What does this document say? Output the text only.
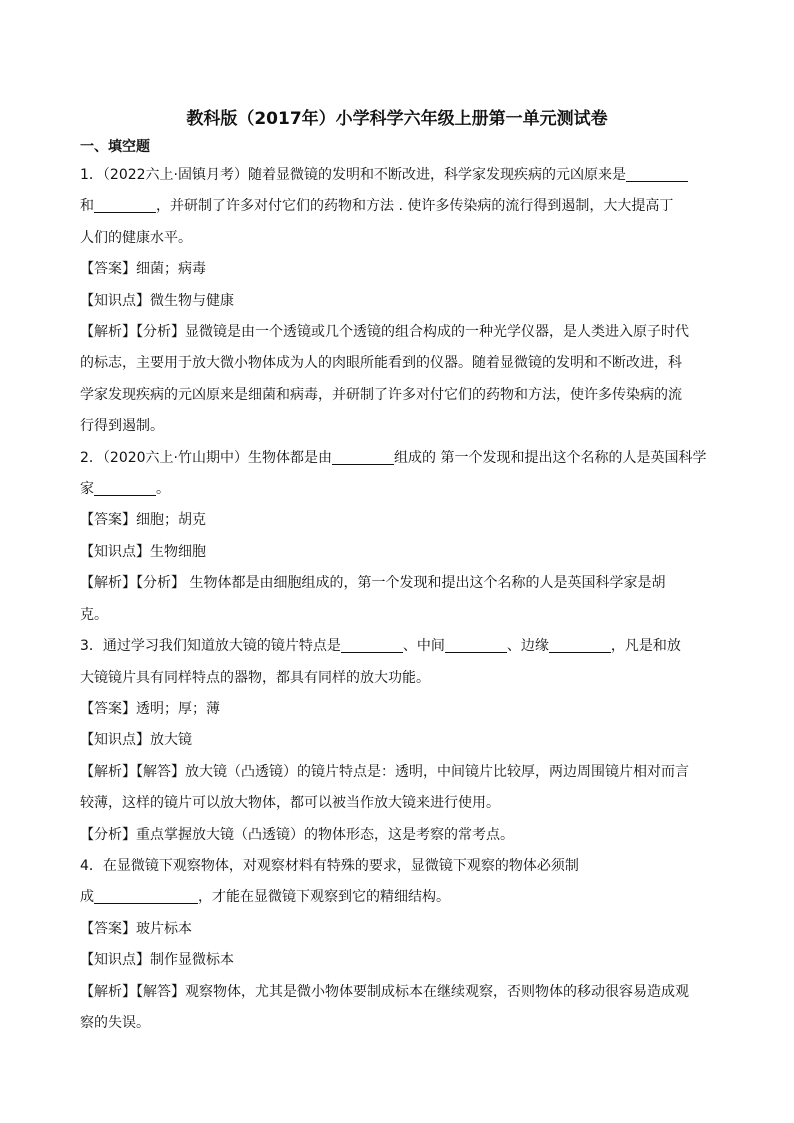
教科版（2017年）小学科学六年级上册第一单元测试卷
一、填空题
1．（2022六上·固镇月考）随着显微镜的发明和不断改进，科学家发现疾病的元凶原来是
和	，并研制了许多对付它们的药物和方法 . 使许多传染病的流行得到遏制，大大提高丁
人们的健康水平。
【答案】细菌；病毒
【知识点】微生物与健康
【解析】【分析】显微镜是由一个透镜或几个透镜的组合构成的一种光学仪器，是人类进入原子时代
的标志，主要用于放大微小物体成为人的肉眼所能看到的仪器。随着显微镜的发明和不断改进，科
学家发现疾病的元凶原来是细菌和病毒，并研制了许多对付它们的药物和方法，使许多传染病的流
行得到遏制。
2．（2020六上·竹山期中）生物体都是由	组成的 第一个发现和提出这个名称的人是英国科学
家	。
【答案】细胞；胡克
【知识点】生物细胞
【解析】【分析】 生物体都是由细胞组成的，第一个发现和提出这个名称的人是英国科学家是胡
克。
3．通过学习我们知道放大镜的镜片特点是	、中间	、边缘	，凡是和放
大镜镜片具有同样特点的器物，都具有同样的放大功能。
【答案】透明；厚；薄
【知识点】放大镜
【解析】【解答】放大镜（凸透镜）的镜片特点是：透明，中间镜片比较厚，两边周围镜片相对而言
较薄，这样的镜片可以放大物体，都可以被当作放大镜来进行使用。
【分析】重点掌握放大镜（凸透镜）的物体形态，这是考察的常考点。
4．在显微镜下观察物体，对观察材料有特殊的要求，显微镜下观察的物体必须制
成	，才能在显微镜下观察到它的精细结构。
【答案】玻片标本
【知识点】制作显微标本
【解析】【解答】观察物体，尤其是微小物体要制成标本在继续观察，否则物体的移动很容易造成观
察的失误。
